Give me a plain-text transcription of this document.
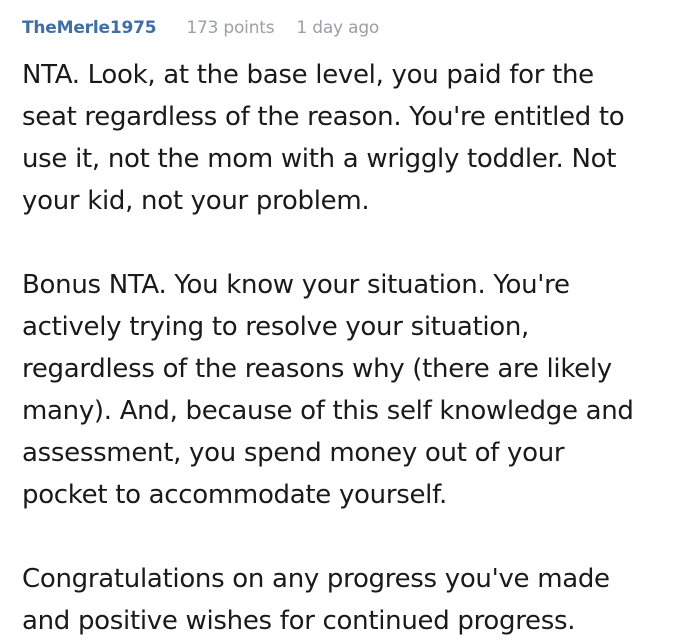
TheMerle1975 173 points 1 day ago

NTA. Look, at the base level, you paid for the
seat regardless of the reason. You're entitled to
use it, not the mom with a wriggly toddler. Not
your kid, not your problem.

Bonus NTA. You know your situation. You're
actively trying to resolve your situation,
regardless of the reasons why (there are likely
many). And, because of this self knowledge and
assessment, you spend money out of your
pocket to accommodate yourself.

Congratulations on any progress you've made
and positive wishes for continued progress.
